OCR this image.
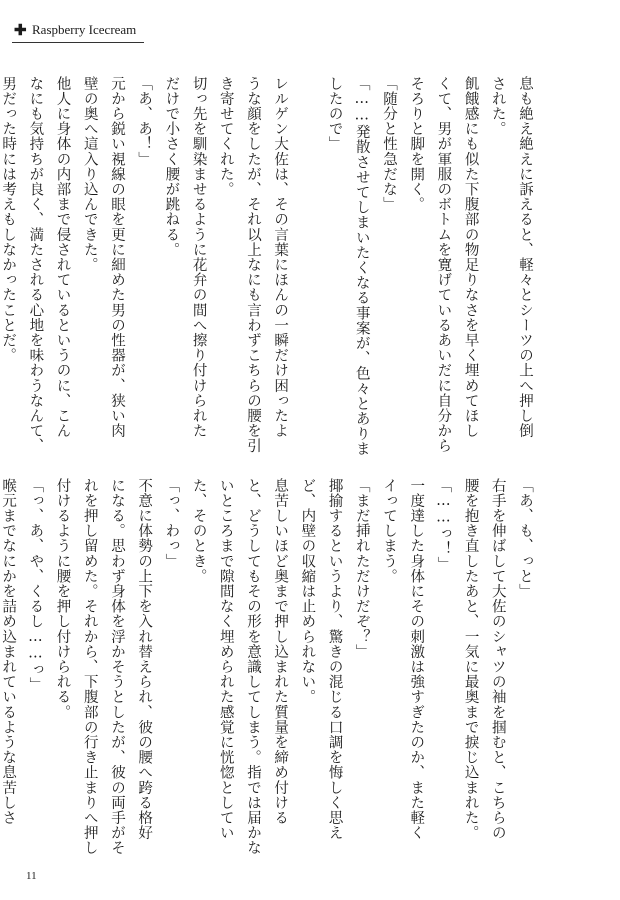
✚ Raspberry Icecream
息も絶え絶えに訴えると、軽々とシーツの上へ押し倒
された。
飢餓感にも似た下腹部の物足りなさを早く埋めてほし
くて、男が軍服のボトムを寛げているあいだに自分から
そろりと脚を開く。
「随分と性急だな」
「……発散させてしまいたくなる事案が、色々とありま
したので」

レルゲン大佐は、その言葉にほんの一瞬だけ困ったよ
うな顔をしたが、それ以上なにも言わずこちらの腰を引
き寄せてくれた。
切っ先を馴染ませるように花弁の間へ擦り付けられた
だけで小さく腰が跳ねる。
「あ、あ！」
元から鋭い視線の眼を更に細めた男の性器が、狭い肉
壁の奥へ這入り込んできた。
他人に身体の内部まで侵されているというのに、こん
なにも気持ちが良く、満たされる心地を味わうなんて、
男だった時には考えもしなかったことだ。
「あ、も、っと」
右手を伸ばして大佐のシャツの袖を掴むと、こちらの
腰を抱き直したあと、一気に最奥まで捩じ込まれた。
「……っ！」
一度達した身体にその刺激は強すぎたのか、また軽く
イってしまう。
「まだ挿れただけだぞ？」
揶揄するというより、驚きの混じる口調を悔しく思え
ど、内壁の収縮は止められない。
息苦しいほど奥まで押し込まれた質量を締め付ける
と、どうしてもその形を意識してしまう。指では届かな
いところまで隙間なく埋められた感覚に恍惚としてい
た、そのとき。
「っ、わっ」
不意に体勢の上下を入れ替えられ、彼の腰へ跨る格好
になる。思わず身体を浮かそうとしたが、彼の両手がそ
れを押し留めた。それから、下腹部の行き止まりへ押し
付けるように腰を押し付けられる。
「っ、あ、や、くるし……っ」
喉元までなにかを詰め込まれているような息苦しさ
11
